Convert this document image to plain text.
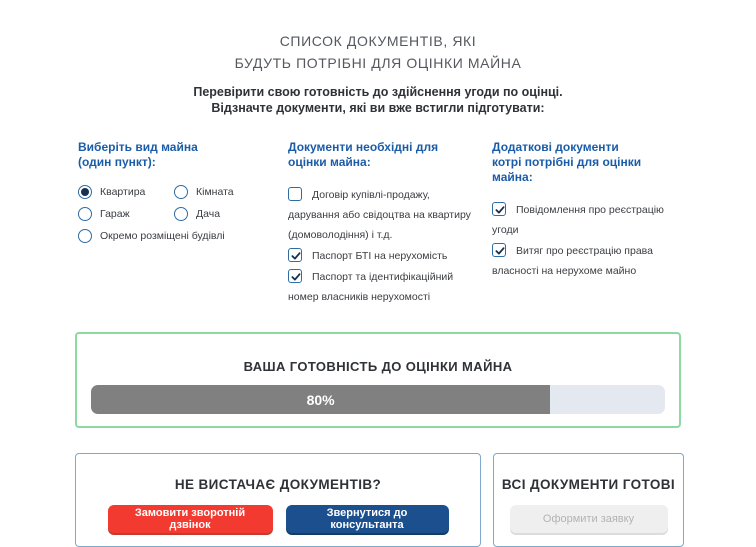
СПИСОК ДОКУМЕНТІВ, ЯКІ
БУДУТЬ ПОТРІБНІ ДЛЯ ОЦІНКИ МАЙНА
Перевірити свою готовність до здійснення угоди по оцінці.
Відзначте документи, які ви вже встигли підготувати:
Виберіть вид майна
(один пункт):
Квартира	Кімната
Гараж	Дача
Окремо розміщені будівлі
Документи необхідні для
оцінки майна:
Договір купівлі-продажу, дарування або свідоцтва на квартиру (домоволодіння) і т.д.
Паспорт БТІ на нерухомість
Паспорт та ідентифікаційний номер власників нерухомості
Додаткові документи
котрі потрібні для оцінки майна:
Повідомлення про реєстрацію угоди
Витяг про реєстрацію права власності на нерухоме майно
ВАША ГОТОВНІСТЬ ДО ОЦІНКИ МАЙНА
80%
НЕ ВИСТАЧАЄ ДОКУМЕНТІВ?
Замовити зворотній дзвінок
Звернутися до консультанта
ВСІ ДОКУМЕНТИ ГОТОВІ
Оформити заявку
